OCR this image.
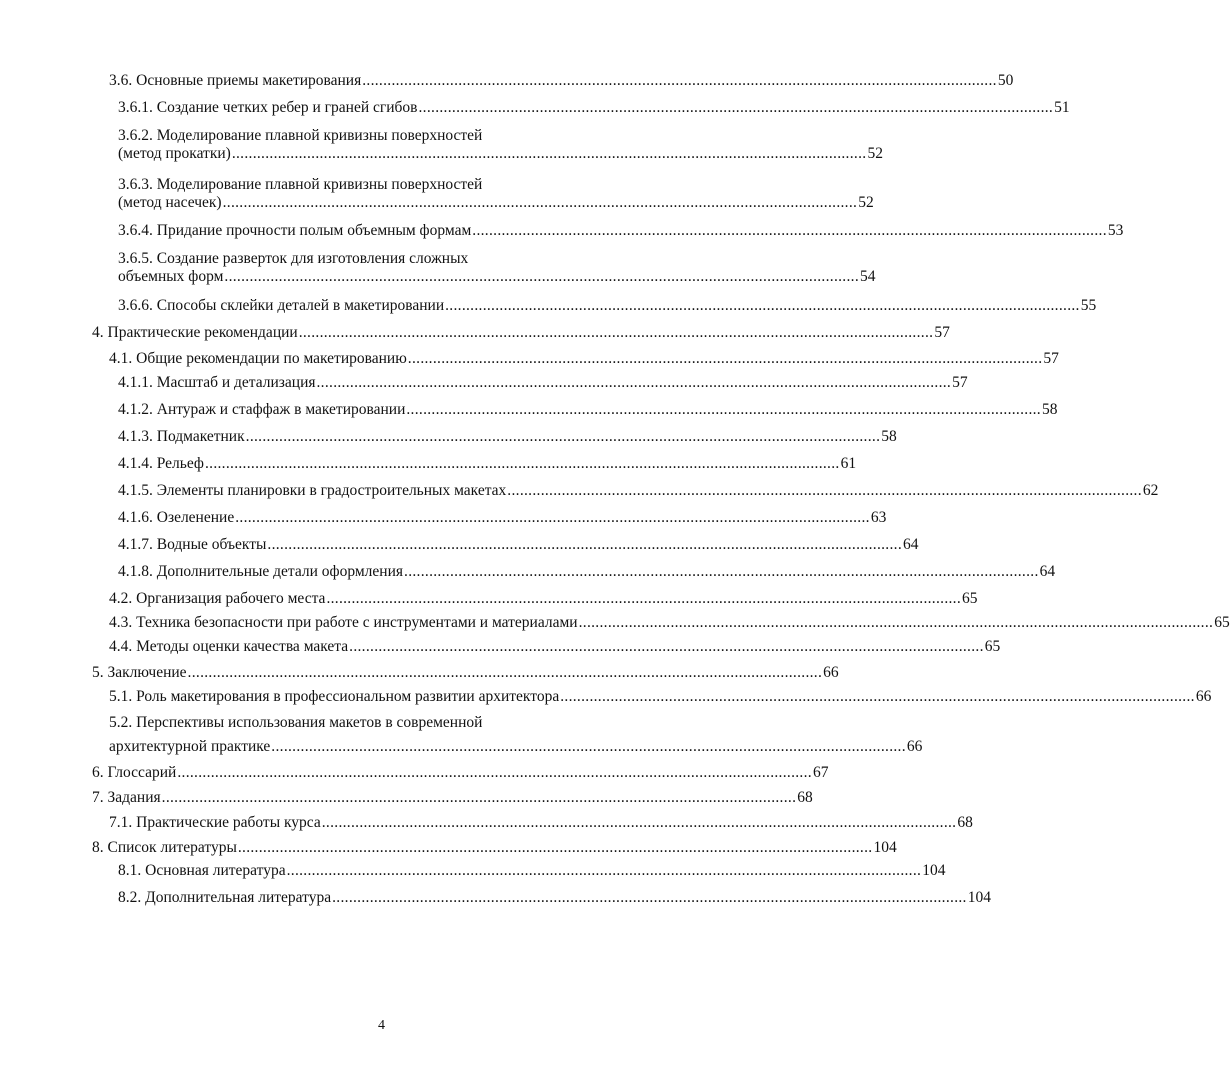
3.6. Основные приемы макетирования ........................................................................................................................................................ 50
3.6.1. Создание четких ребер и граней сгибов ........................................................................................................................................................ 51
3.6.2. Моделирование плавной кривизны поверхностей
(метод прокатки) ........................................................................................................................................................ 52
3.6.3. Моделирование плавной кривизны поверхностей
(метод насечек) ........................................................................................................................................................ 52
3.6.4. Придание прочности полым объемным формам ........................................................................................................................................................ 53
3.6.5. Создание разверток для изготовления сложных
объемных форм ........................................................................................................................................................ 54
3.6.6. Способы склейки деталей в макетировании ........................................................................................................................................................ 55
4. Практические рекомендации ........................................................................................................................................................ 57
4.1. Общие рекомендации по макетированию ........................................................................................................................................................ 57
4.1.1. Масштаб и детализация ........................................................................................................................................................ 57
4.1.2. Антураж и стаффаж в макетировании ........................................................................................................................................................ 58
4.1.3. Подмакетник ........................................................................................................................................................ 58
4.1.4. Рельеф ........................................................................................................................................................ 61
4.1.5. Элементы планировки в градостроительных макетах ........................................................................................................................................................ 62
4.1.6. Озеленение ........................................................................................................................................................ 63
4.1.7. Водные объекты ........................................................................................................................................................ 64
4.1.8. Дополнительные детали оформления ........................................................................................................................................................ 64
4.2. Организация рабочего места ........................................................................................................................................................ 65
4.3. Техника безопасности при работе с инструментами и материалами ........................................................................................................................................................ 65
4.4. Методы оценки качества макета ........................................................................................................................................................ 65
5. Заключение ........................................................................................................................................................ 66
5.1. Роль макетирования в профессиональном развитии архитектора ........................................................................................................................................................ 66
5.2. Перспективы использования макетов в современной
архитектурной практике ........................................................................................................................................................ 66
6. Глоссарий ........................................................................................................................................................ 67
7. Задания ........................................................................................................................................................ 68
7.1. Практические работы курса ........................................................................................................................................................ 68
8. Список литературы ........................................................................................................................................................ 104
8.1. Основная литература ........................................................................................................................................................ 104
8.2. Дополнительная литература ........................................................................................................................................................ 104
4
